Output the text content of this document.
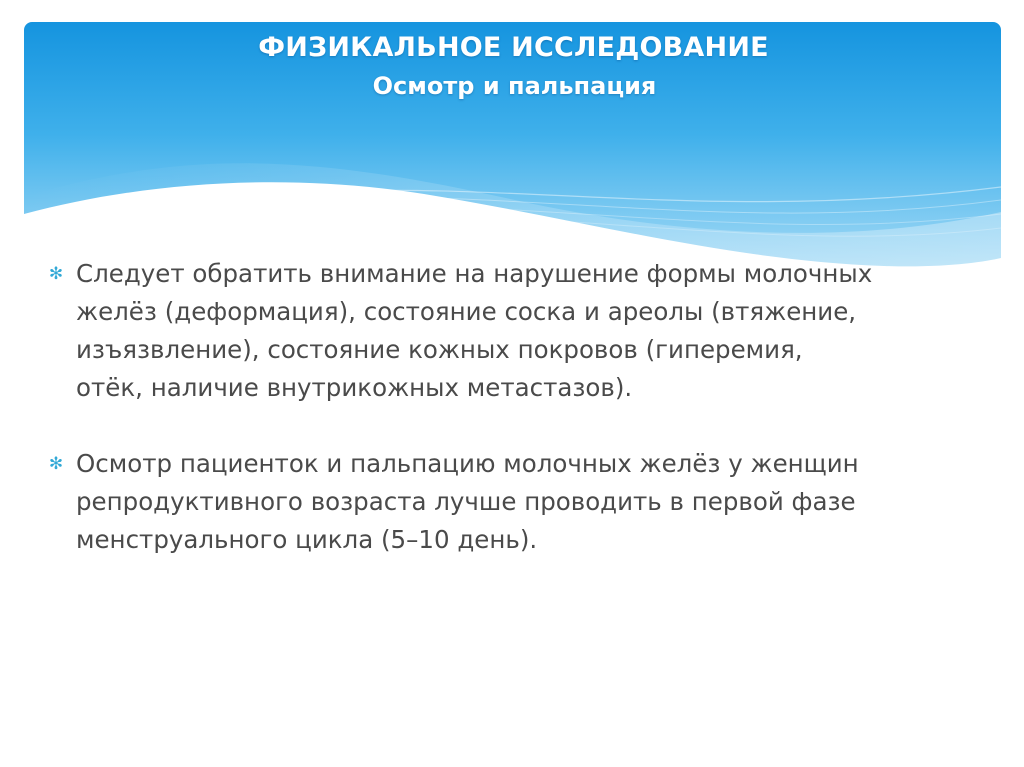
ФИЗИКАЛЬНОЕ ИССЛЕДОВАНИЕ
Осмотр и пальпация
✻ Следует обратить внимание на нарушение формы молочных
желёз (деформация), состояние соска и ареолы (втяжение,
изъязвление), состояние кожных покровов (гиперемия,
отёк, наличие внутрикожных метастазов).
✻ Осмотр пациенток и пальпацию молочных желёз у женщин
репродуктивного возраста лучше проводить в первой фазе
менструального цикла (5–10 день).
